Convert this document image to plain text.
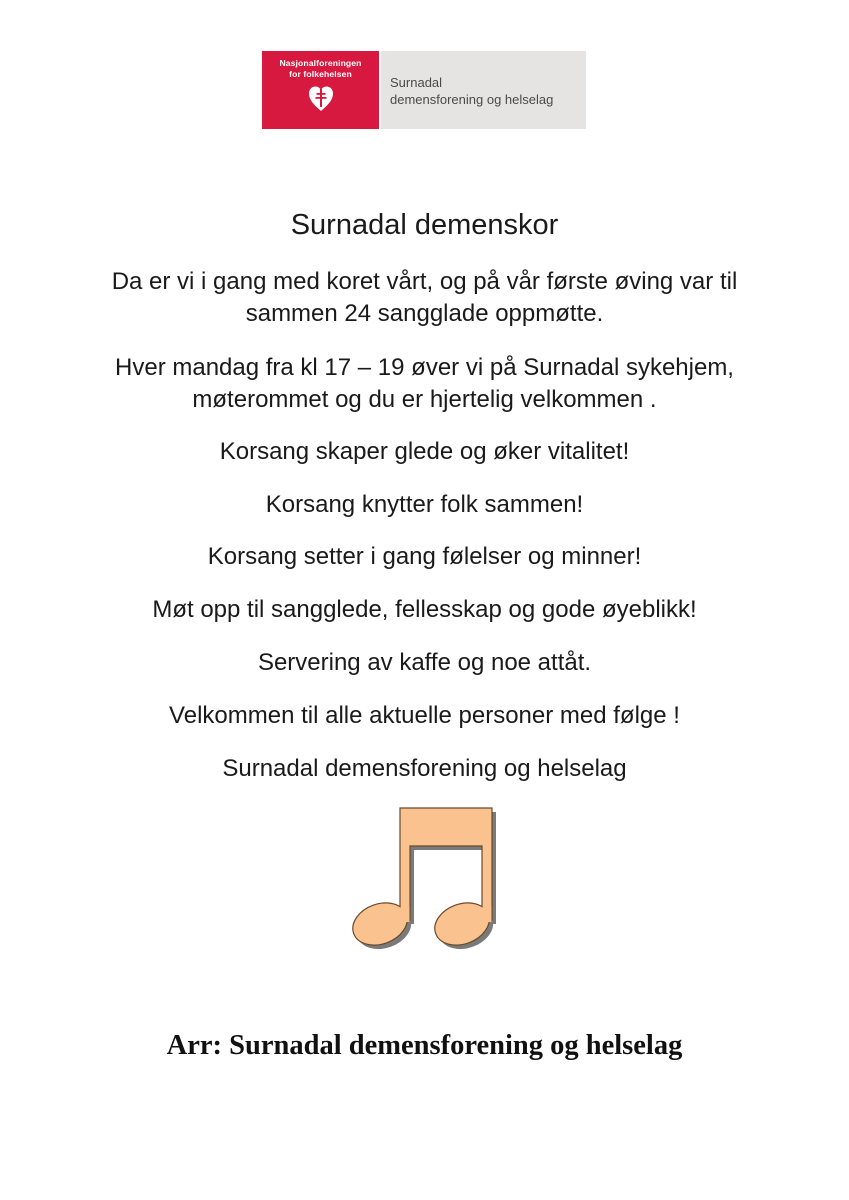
Nasjonalforeningen
for folkehelsen
Surnadal
demensforening og helselag
Surnadal demenskor

Da er vi i gang med koret vårt, og på vår første øving var til
sammen 24 sangglade oppmøtte.

Hver mandag fra kl 17 – 19 øver vi på Surnadal sykehjem,
møterommet og du er hjertelig velkommen .

Korsang skaper glede og øker vitalitet!

Korsang knytter folk sammen!

Korsang setter i gang følelser og minner!

Møt opp til sangglede, fellesskap og gode øyeblikk!

Servering av kaffe og noe attåt.

Velkommen til alle aktuelle personer med følge !

Surnadal demensforening og helselag

Arr: Surnadal demensforening og helselag
